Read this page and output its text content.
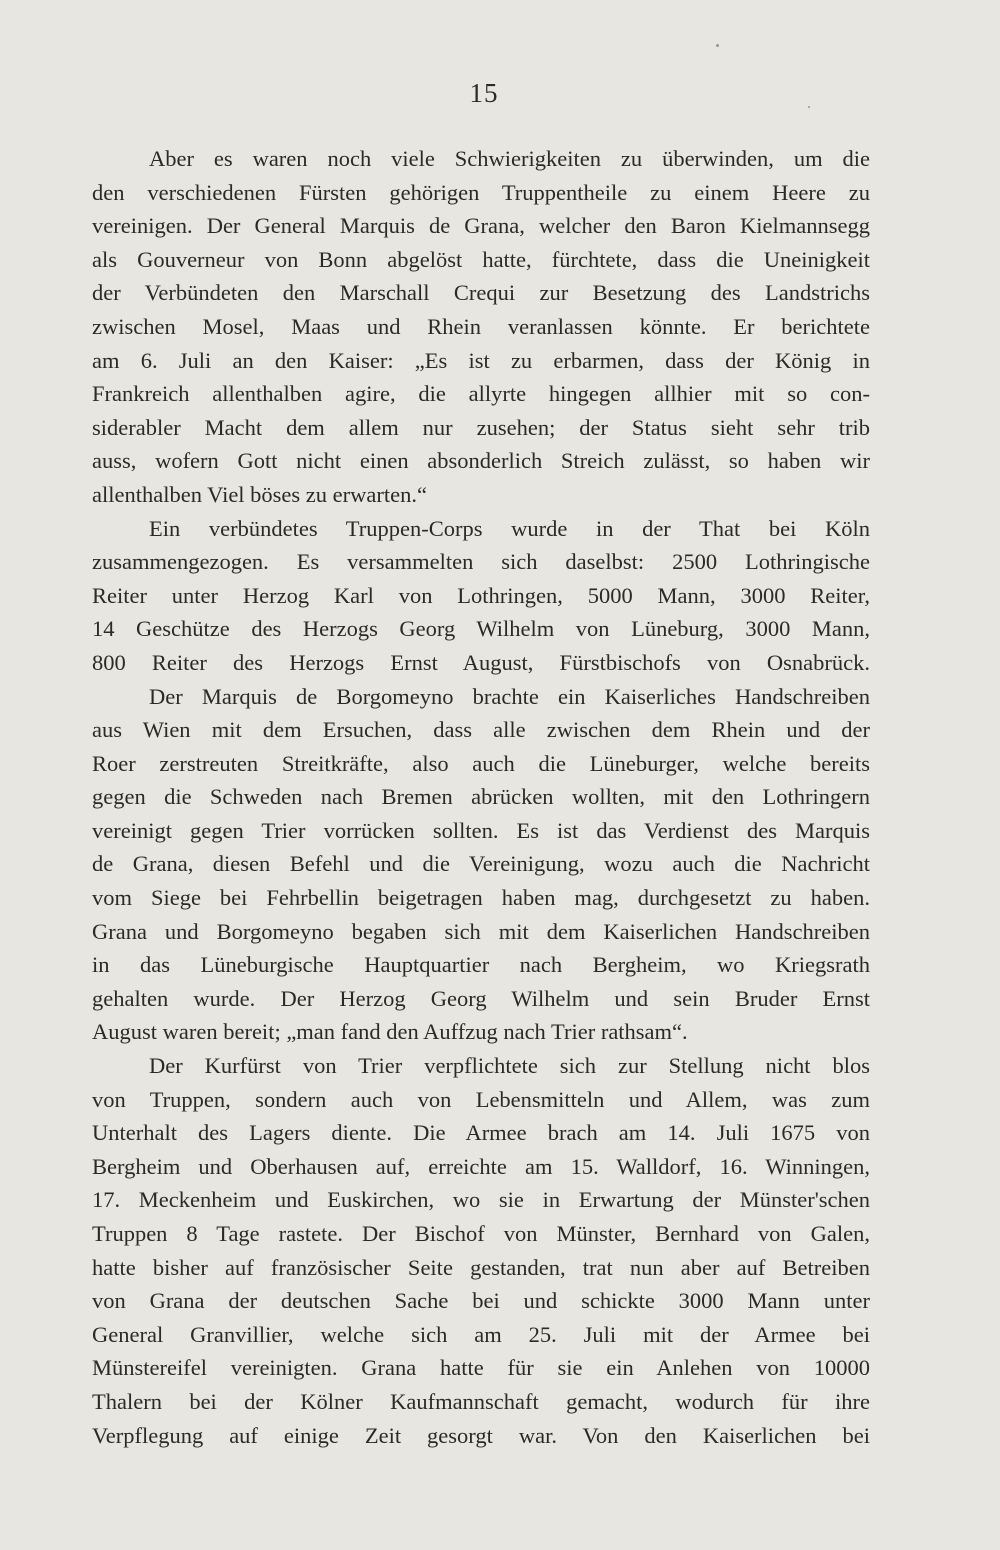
15
Aber es waren noch viele Schwierigkeiten zu überwinden, um die
den verschiedenen Fürsten gehörigen Truppentheile zu einem Heere zu
vereinigen. Der General Marquis de Grana, welcher den Baron Kielmannsegg
als Gouverneur von Bonn abgelöst hatte, fürchtete, dass die Uneinigkeit
der Verbündeten den Marschall Crequi zur Besetzung des Landstrichs
zwischen Mosel, Maas und Rhein veranlassen könnte. Er berichtete
am 6. Juli an den Kaiser: „Es ist zu erbarmen, dass der König in
Frankreich allenthalben agire, die allyrte hingegen allhier mit so con-
siderabler Macht dem allem nur zusehen; der Status sieht sehr trib
auss, wofern Gott nicht einen absonderlich Streich zulässt, so haben wir
allenthalben Viel böses zu erwarten.“
Ein verbündetes Truppen-Corps wurde in der That bei Köln
zusammengezogen. Es versammelten sich daselbst: 2500 Lothringische
Reiter unter Herzog Karl von Lothringen, 5000 Mann, 3000 Reiter,
14 Geschütze des Herzogs Georg Wilhelm von Lüneburg, 3000 Mann,
800 Reiter des Herzogs Ernst August, Fürstbischofs von Osnabrück.
Der Marquis de Borgomeyno brachte ein Kaiserliches Handschreiben
aus Wien mit dem Ersuchen, dass alle zwischen dem Rhein und der
Roer zerstreuten Streitkräfte, also auch die Lüneburger, welche bereits
gegen die Schweden nach Bremen abrücken wollten, mit den Lothringern
vereinigt gegen Trier vorrücken sollten. Es ist das Verdienst des Marquis
de Grana, diesen Befehl und die Vereinigung, wozu auch die Nachricht
vom Siege bei Fehrbellin beigetragen haben mag, durchgesetzt zu haben.
Grana und Borgomeyno begaben sich mit dem Kaiserlichen Handschreiben
in das Lüneburgische Hauptquartier nach Bergheim, wo Kriegsrath
gehalten wurde. Der Herzog Georg Wilhelm und sein Bruder Ernst
August waren bereit; „man fand den Auffzug nach Trier rathsam“.
Der Kurfürst von Trier verpflichtete sich zur Stellung nicht blos
von Truppen, sondern auch von Lebensmitteln und Allem, was zum
Unterhalt des Lagers diente. Die Armee brach am 14. Juli 1675 von
Bergheim und Oberhausen auf, erreichte am 15. Walldorf, 16. Winningen,
17. Meckenheim und Euskirchen, wo sie in Erwartung der Münster'schen
Truppen 8 Tage rastete. Der Bischof von Münster, Bernhard von Galen,
hatte bisher auf französischer Seite gestanden, trat nun aber auf Betreiben
von Grana der deutschen Sache bei und schickte 3000 Mann unter
General Granvillier, welche sich am 25. Juli mit der Armee bei
Münstereifel vereinigten. Grana hatte für sie ein Anlehen von 10000
Thalern bei der Kölner Kaufmannschaft gemacht, wodurch für ihre
Verpflegung auf einige Zeit gesorgt war. Von den Kaiserlichen bei
